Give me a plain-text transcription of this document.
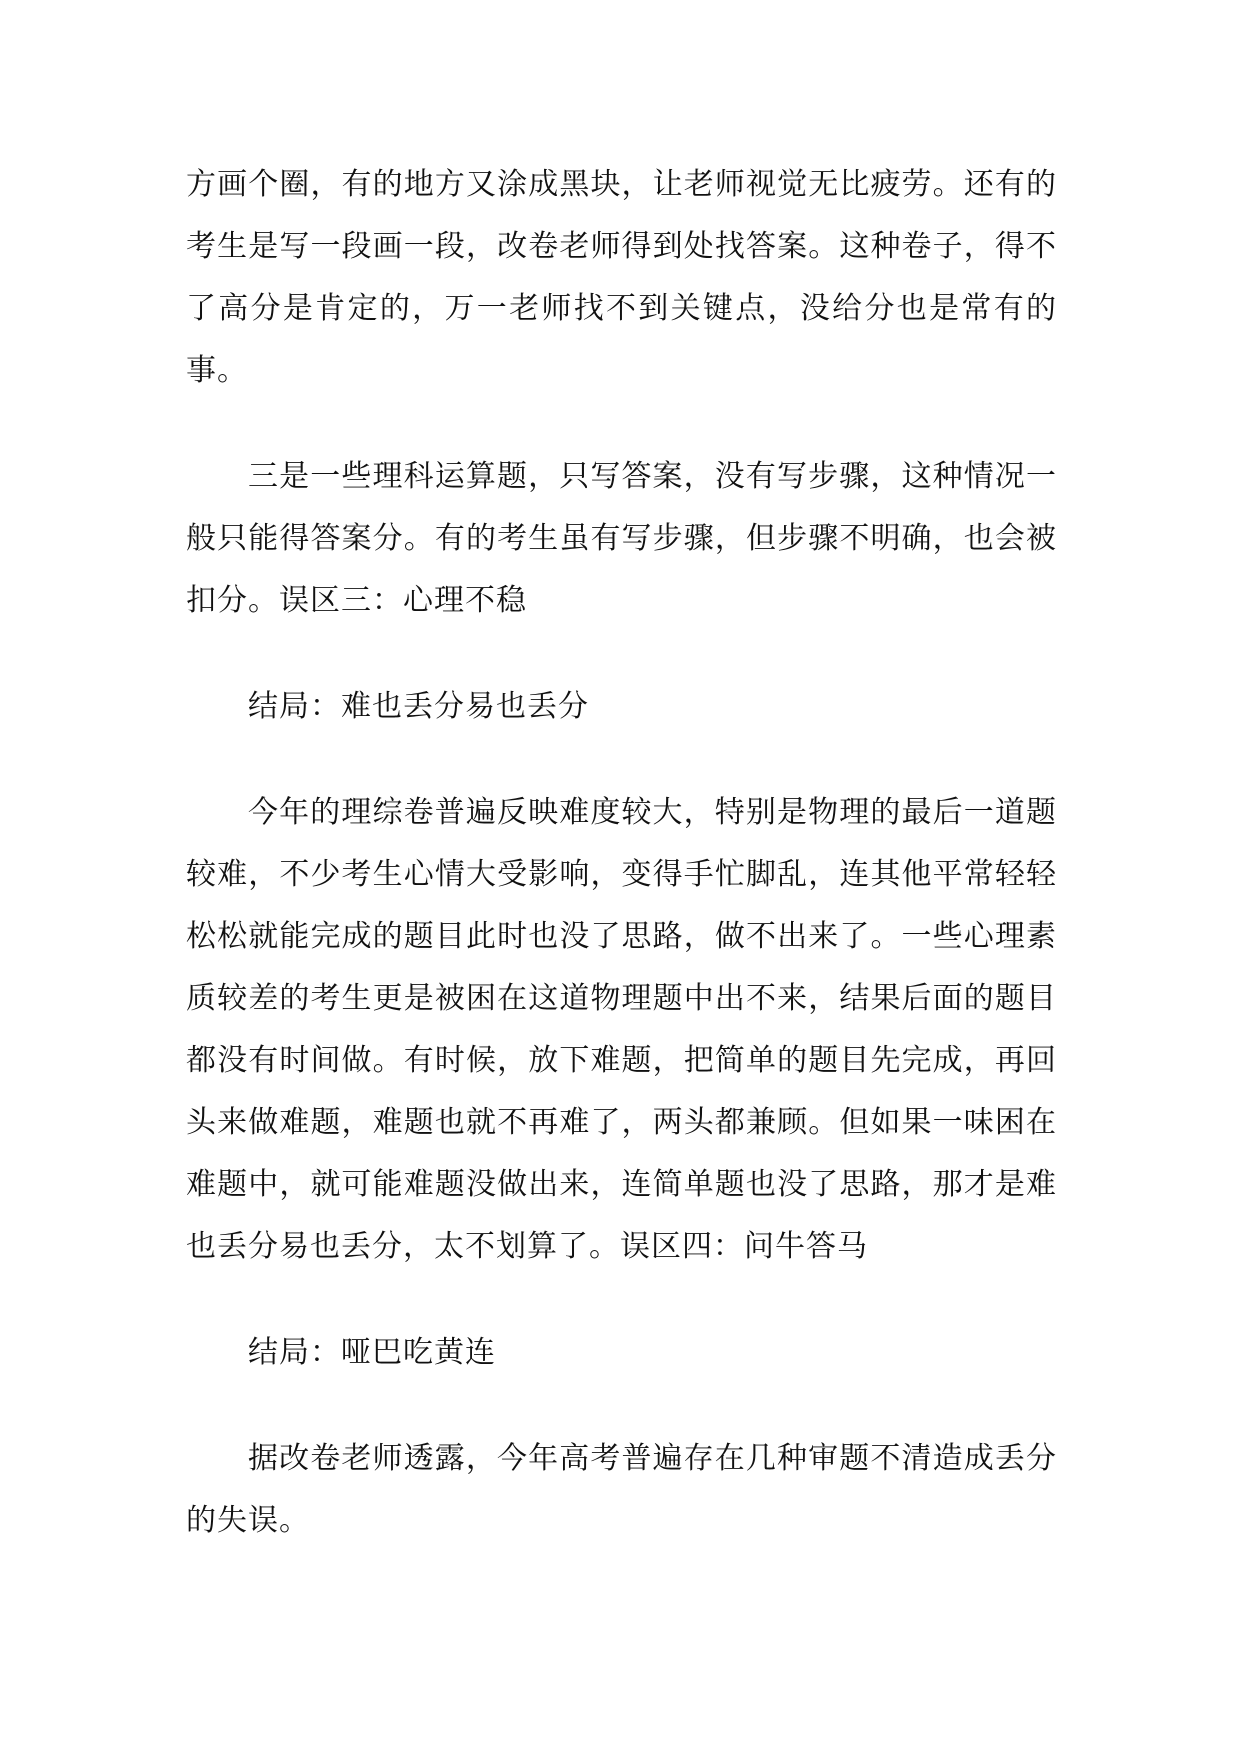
方画个圈，有的地方又涂成黑块，让老师视觉无比疲劳。还有的考生是写一段画一段，改卷老师得到处找答案。这种卷子，得不了高分是肯定的，万一老师找不到关键点，没给分也是常有的事。

三是一些理科运算题，只写答案，没有写步骤，这种情况一般只能得答案分。有的考生虽有写步骤，但步骤不明确，也会被扣分。误区三：心理不稳

结局：难也丢分易也丢分

今年的理综卷普遍反映难度较大，特别是物理的最后一道题较难，不少考生心情大受影响，变得手忙脚乱，连其他平常轻轻松松就能完成的题目此时也没了思路，做不出来了。一些心理素质较差的考生更是被困在这道物理题中出不来，结果后面的题目都没有时间做。有时候，放下难题，把简单的题目先完成，再回头来做难题，难题也就不再难了，两头都兼顾。但如果一味困在难题中，就可能难题没做出来，连简单题也没了思路，那才是难也丢分易也丢分，太不划算了。误区四：问牛答马

结局：哑巴吃黄连

据改卷老师透露，今年高考普遍存在几种审题不清造成丢分的失误。
